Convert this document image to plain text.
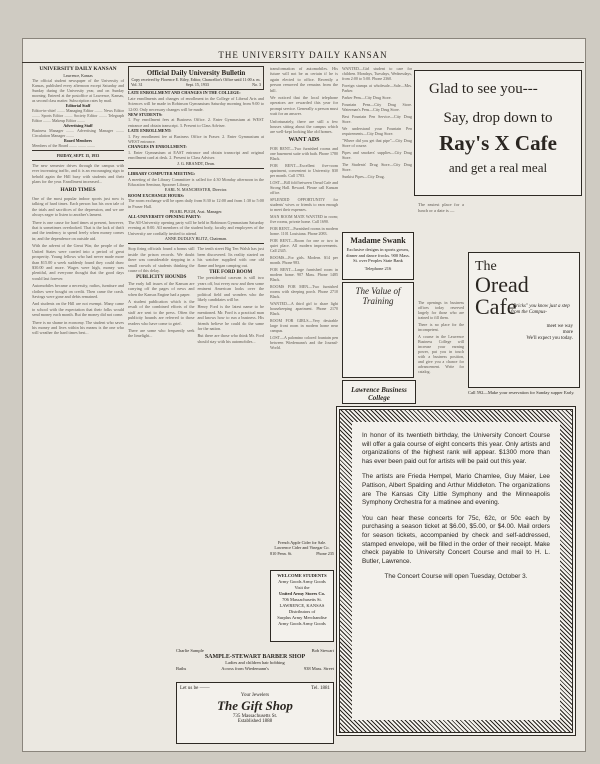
THE UNIVERSITY DAILY KANSAN
UNIVERSITY DAILY KANSAN
Lawrence, Kansas
The official student newspaper of the University of Kansas, published every afternoon except Saturday and Sunday during the University year, and on Sunday morning. Entered at the postoffice at Lawrence, Kansas, as second class matter. Subscription rates by mail.
Editorial Staff
Editor-in-chief ........ Managing Editor ........ News Editor ........ Sports Editor ........ Society Editor ........ Telegraph Editor ........ Makeup Editor ........
Advertising Staff
Business Manager ........ Advertising Manager ........ Circulation Manager ........
Board Members
Members of the Board ........ ........ ........
FRIDAY, SEPT. 15, 1933

The new semester drives through the campus with ever increasing traffic, and it is an encouraging sign to behold again the Hill busy with students and their plans for the year. Enrollment increased...

HARD TIMES

One of the most popular indoor sports just now is talking of hard times. Each person has his own tale of the trials and sacrifices of the depression, and we are always eager to listen to another's lament.

There is one cause for hard times at present, however, that is sometimes overlooked. That is the lack of thrift and the tendency to spend freely when money comes in; and the dependence on outside aid.

With the advent of the Great War, the people of the United States were carried into a period of great prosperity. Young fellows who had never made more than $15.00 a week suddenly found they could draw $30.00 and more. Wages were high, money was plentiful, and everyone thought that the good days would last forever.

Automobiles became a necessity, radios, furniture and clothes were bought on credit. Then came the crash. Savings were gone and debts remained.

And students on the Hill are not exempt. Many came to school with the expectation that their folks would send money each month. But the money did not come.

There is no shame in economy. The student who saves his money and lives within his means is the one who will weather the hard times best...

Official Daily University Bulletin
Copy received by Florence E. Riley, Editor, Chancellor's Office until 11:00 a. m.
Vol. 31	Sept. 15, 1933	No. 3
LATE ENROLLMENT AND CHANGES IN THE COLLEGE:
Late enrollments and changes of enrollment in the College of Liberal Arts and Sciences will be made in Robinson Gymnasium Saturday morning from 9:00 to 12:00. Only necessary changes will be made.
NEW STUDENTS:
1. Pay enrollment fees at Business Office. 2. Enter Gymnasium at WEST entrance and obtain transcript. 3. Present to Class Adviser.
LATE ENROLLMENT:
1. Pay enrollment fee at Business Office in Fraser. 2. Enter Gymnasium at WEST entrance.
CHANGES IN ENROLLMENT:
1. Enter Gymnasium at EAST entrance and obtain transcript and original enrollment card at desk. 2. Present to Class Adviser.
J. G. BRANDT, Dean.
LIBRARY COMPUTER MEETING:
A meeting of the Library Committee is called for 4:30 Monday afternoon in the Education Seminar, Spooner Library.
EARL N. MANCHESTER, Director.
ROOM EXCHANGE HOURS:
The room exchange will be open daily from 8:30 to 12:00 and from 1:30 to 5:00 in Fraser Hall.
PEARL PUGH, Asst. Manager.
ALL-UNIVERSITY OPENING PARTY:
The All-University opening party will be held in Robinson Gymnasium Saturday evening at 8:00. All members of the student body, faculty and employees of the University are cordially invited to attend.
ANNE DUDLEY BLITZ, Chairman.

Stop firing officials found a bonus still inside the prison records. We doubt there was considerable stepping in a small crowds of students thinking the cause of this delay.

PUBLICITY HOUNDS

The early fall issues of the Kansan are carrying off the pages of news and when the Kansas Engine had a paper.

A student publication which is the result of the combined efforts of the staff are sent to the press. Often the publicity hounds are referred to those readers who have come to grief.

There are some who frequently seek the limelight...

The tenth street Big Ten Walsh has just been discovered. Its reality started on his watcher supplied with one old flame and began camping out.

THE FORD BOOM

The presidential caravan is still two years off, but every now and then some eminent American looks over the political field and wonders who the likely candidates will be.

Henry Ford is the latest name to be mentioned. Mr. Ford is a practical man and knows how to run a business. His friends believe he could do the same for the nation.

But there are those who think Mr. Ford should stay with his automobiles...

transformation of automobiles. His future will not be as certain if he is again elected to office. Recently a person removed the remains from the hill.

We noticed that the local telephone operators are rewarded this year for prompt service. Generally a person must wait for an answer.

Unfortunately, there are still a few houses sitting about the campus which are well-kept looking like old homes.

WANT ADS

FOR RENT—Two furnished rooms and one basement suite with bath. Phone 1780 Black.

FOR RENT—Excellent five-room apartment, convenient to University. $30 per month. Call 1783.

LOST—Bill fold between Oread Cafe and Strong Hall. Reward. Please call Kansan office.

SPLENDID OPPORTUNITY for students' wives or friends to earn enough to meet their expenses.

MAN ROOM MATE WANTED in room; five rooms, private home. Call 1690.

FOR RENT—Furnished rooms in modern home. 1101 Louisiana. Phone 2083.

FOR RENT—Room for one or two in quiet place. All modern improvements. Call 2345.

ROOMS—For girls. Modern. $14 per month. Phone 983.

FOR RENT—Large furnished room in modern home. 907 Mass. Phone 1485 Black.

ROOMS FOR MEN—Two furnished rooms with sleeping porch. Phone 2710 Black.

WANTED—A third girl to share light housekeeping apartment. Phone 2170 Black.

ROOM FOR GIRLS—Very desirable large front room in modern home near campus.

LOST—A palomino colored fountain pen between Wiedemann's and the Journal-World.

WANTED—Girl student to care for children. Mondays, Tuesdays, Wednesdays, from 2:00 to 5:00. Phone 2360.

Foreign stamps at wholesale—Sale—Mrs. Parker.

Parker Pens—City Drug Store.

Fountain Pens—City Drug Store. Waterman's Pens—City Drug Store.

Best Fountain Pen Service—City Drug Store.

We understand your Fountain Pen requirements—City Drug Store.

"Where did you get that pipe"—City Drug Store of course.

Pipes and smokers' supplies—City Drug Store.

The Students' Drug Store—City Drug Store.

Sunkist Pipes—City Drug.

Glad to see you---
Say, drop down to
Ray's X Cafe
and get a real meal
Madame Swank
Exclusive designs in sports gowns, dinner and dance frocks. 900 Mass. St. over Peoples State Bank
Telephone 216
The easiest place for a lunch or a date is —
The
Oread
Cafe
"Bricks" you know just a step from the Campus-
meet we way
more
We'll expect you today.
Call 592—Make your reservation for Sunday supper Early.
The Value of Training	The openings in business offices today reserved largely for those who are trained to fill them.

There is no place for the incompetent.

A course in the Lawrence Business College will increase your earning power, put you in touch with a business position, and give you a chance for advancement. Write for catalog.

Lawrence Business College

In honor of its twentieth birthday, the University Concert Course will offer a gala course of eight concerts this year. Only artists and organizations of the highest rank will appear. $1300 more than has ever been paid out for artists will be paid out this year.

The artists are Frieda Hempel, Mario Chamlee, Guy Maier, Lee Pattison, Albert Spalding and Arthur Middleton. The organizations are The Kansas City Little Symphony and the Minneapolis Symphony Orchestra for a matinee and evening.

You can hear these concerts for 75c, 62c, or 50c each by purchasing a season ticket at $6.00, $5.00, or $4.00. Mail orders for season tickets, accompanied by check and self-addressed, stamped envelope, will be filled in the order of their receipt. Make check payable to University Concert Course and mail to H. L. Butler, Lawrence.

The Concert Course will open Tuesday, October 3.

French Apple Cider for Sale.
Lawrence Cider and Vinegar Co.
810 Penn. St.	Phone 235
WELCOME STUDENTS
Army Goods Army Goods
Visit the
United Army Stores Co.
706 Massachusetts St.
LAWRENCE, KANSAS
Distributors of
Surplus Army Merchandise
Army Goods Army Goods
Charlie Sample	Bob Stewart
SAMPLE-STEWART BARBER SHOP
Ladies and children hair bobbing
Baths	Across from Wiedemann's	938 Mass. Street
Let us be ——	Tel. 1881
Your Jewelers
The Gift Shop
735 Massachusetts St.
Established 1888
